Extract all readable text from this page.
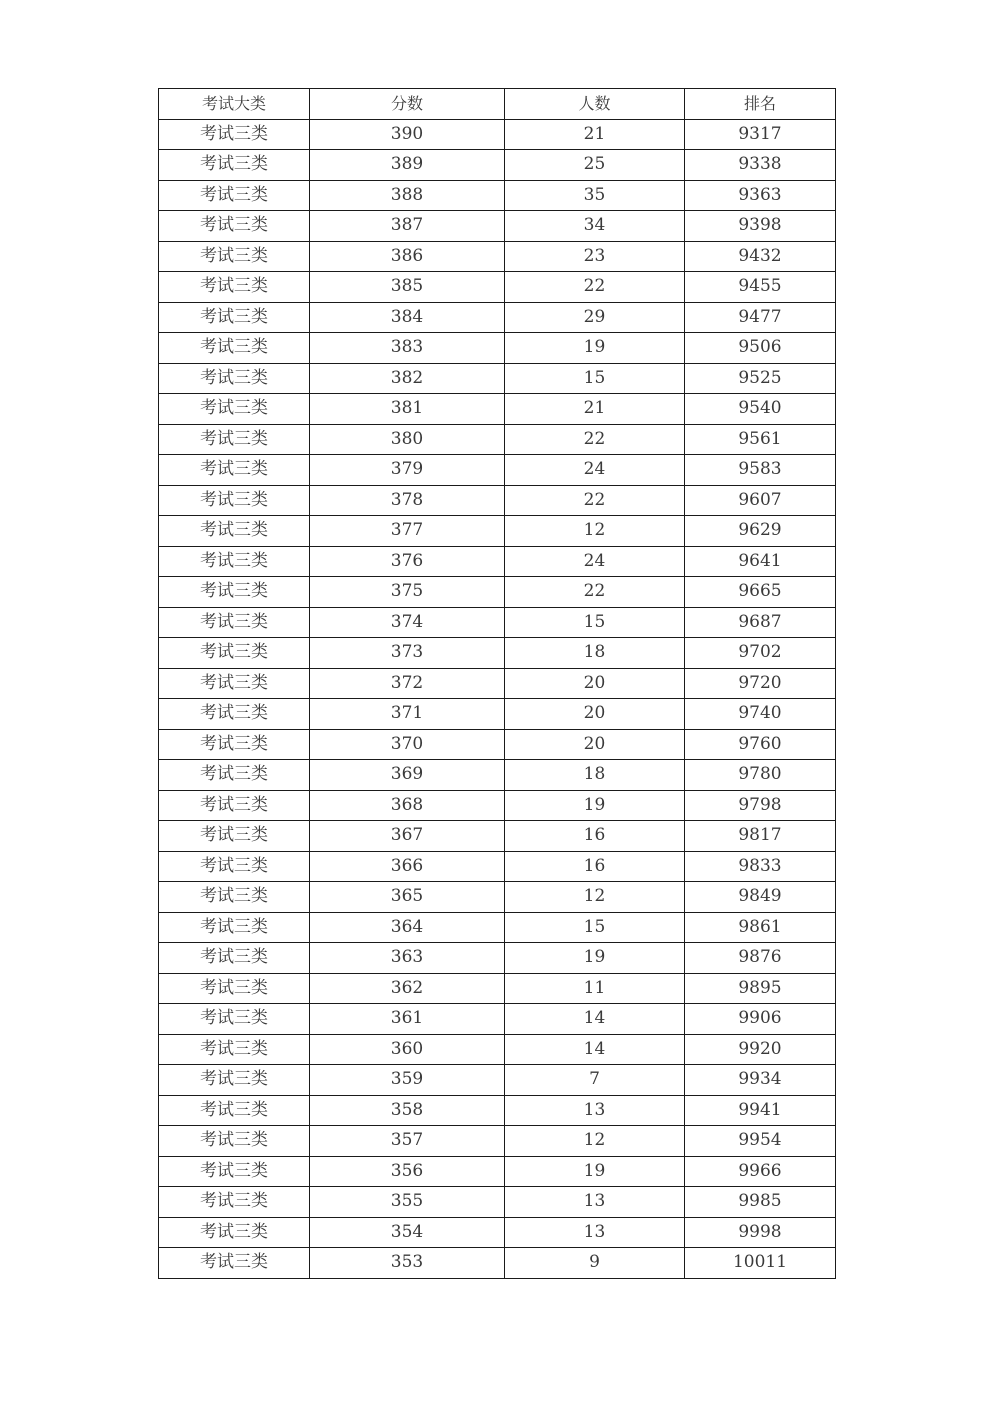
考试大类	分数	人数	排名
考试三类	390	21	9317
考试三类	389	25	9338
考试三类	388	35	9363
考试三类	387	34	9398
考试三类	386	23	9432
考试三类	385	22	9455
考试三类	384	29	9477
考试三类	383	19	9506
考试三类	382	15	9525
考试三类	381	21	9540
考试三类	380	22	9561
考试三类	379	24	9583
考试三类	378	22	9607
考试三类	377	12	9629
考试三类	376	24	9641
考试三类	375	22	9665
考试三类	374	15	9687
考试三类	373	18	9702
考试三类	372	20	9720
考试三类	371	20	9740
考试三类	370	20	9760
考试三类	369	18	9780
考试三类	368	19	9798
考试三类	367	16	9817
考试三类	366	16	9833
考试三类	365	12	9849
考试三类	364	15	9861
考试三类	363	19	9876
考试三类	362	11	9895
考试三类	361	14	9906
考试三类	360	14	9920
考试三类	359	7	9934
考试三类	358	13	9941
考试三类	357	12	9954
考试三类	356	19	9966
考试三类	355	13	9985
考试三类	354	13	9998
考试三类	353	9	10011
